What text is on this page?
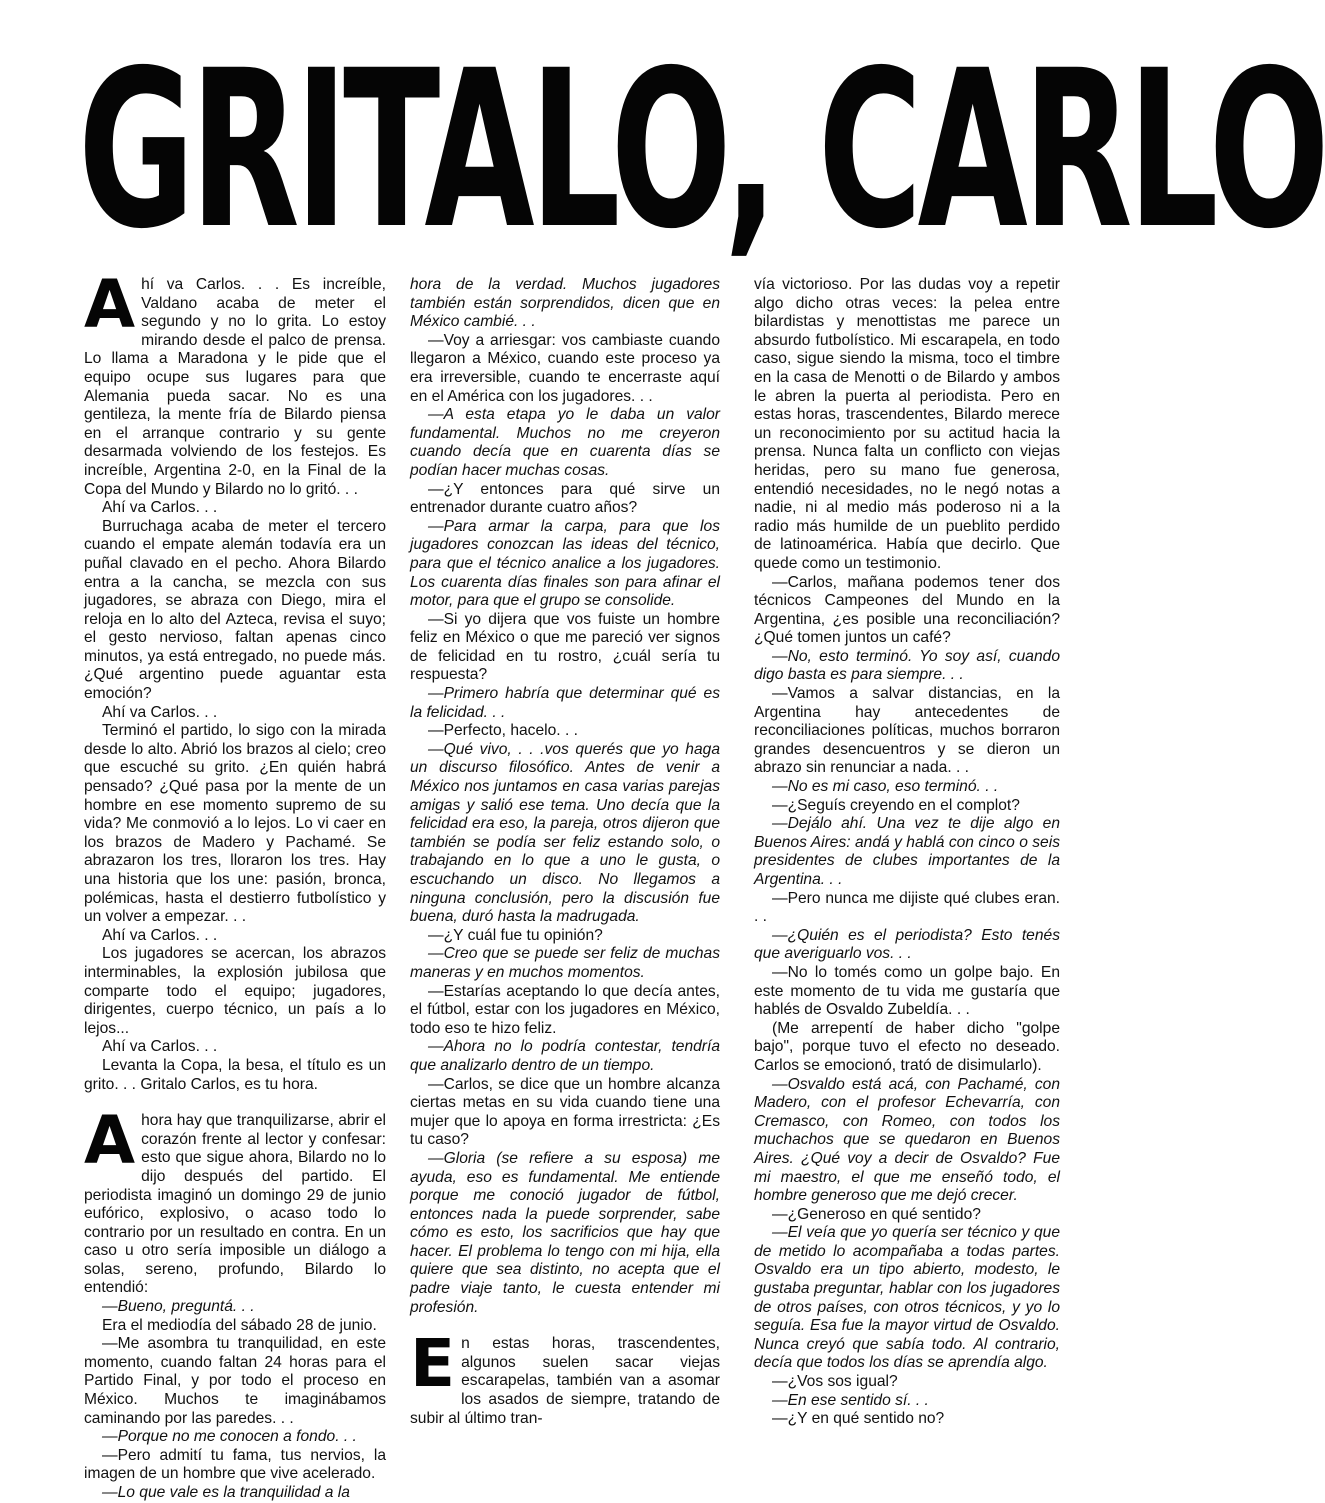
GRITALO, CARLO

Ahí va Carlos. . . Es increíble, Valdano acaba de meter el segundo y no lo grita. Lo estoy mirando desde el palco de prensa. Lo llama a Maradona y le pide que el equipo ocupe sus lugares para que Alemania pueda sacar. No es una gentileza, la mente fría de Bilardo piensa en el arranque contrario y su gente desarmada volviendo de los festejos. Es increíble, Argentina 2-0, en la Final de la Copa del Mundo y Bilardo no lo gritó. . .

Ahí va Carlos. . .

Burruchaga acaba de meter el tercero cuando el empate alemán todavía era un puñal clavado en el pecho. Ahora Bilardo entra a la cancha, se mezcla con sus jugadores, se abraza con Diego, mira el reloja en lo alto del Azteca, revisa el suyo; el gesto nervioso, faltan apenas cinco minutos, ya está entregado, no puede más. ¿Qué argentino puede aguantar esta emoción?

Ahí va Carlos. . .

Terminó el partido, lo sigo con la mirada desde lo alto. Abrió los brazos al cielo; creo que escuché su grito. ¿En quién habrá pensado? ¿Qué pasa por la mente de un hombre en ese momento supremo de su vida? Me conmovió a lo lejos. Lo vi caer en los brazos de Madero y Pachamé. Se abrazaron los tres, lloraron los tres. Hay una historia que los une: pasión, bronca, polémicas, hasta el destierro futbolístico y un volver a empezar. . .

Ahí va Carlos. . .

Los jugadores se acercan, los abrazos interminables, la explosión jubilosa que comparte todo el equipo; jugadores, dirigentes, cuerpo técnico, un país a lo lejos...

Ahí va Carlos. . .

Levanta la Copa, la besa, el título es un grito. . . Gritalo Carlos, es tu hora.

Ahora hay que tranquilizarse, abrir el corazón frente al lector y confesar: esto que sigue ahora, Bilardo no lo dijo después del partido. El periodista imaginó un domingo 29 de junio eufórico, explosivo, o acaso todo lo contrario por un resultado en contra. En un caso u otro sería imposible un diálogo a solas, sereno, profundo, Bilardo lo entendió:

—Bueno, preguntá. . .

Era el mediodía del sábado 28 de junio.

—Me asombra tu tranquilidad, en este momento, cuando faltan 24 horas para el Partido Final, y por todo el proceso en México. Muchos te imaginábamos caminando por las paredes. . .

—Porque no me conocen a fondo. . .

—Pero admití tu fama, tus nervios, la imagen de un hombre que vive acelerado.

—Lo que vale es la tranquilidad a la

hora de la verdad. Muchos jugadores también están sorprendidos, dicen que en México cambié. . .

—Voy a arriesgar: vos cambiaste cuando llegaron a México, cuando este proceso ya era irreversible, cuando te encerraste aquí en el América con los jugadores. . .

—A esta etapa yo le daba un valor fundamental. Muchos no me creyeron cuando decía que en cuarenta días se podían hacer muchas cosas.

—¿Y entonces para qué sirve un entrenador durante cuatro años?

—Para armar la carpa, para que los jugadores conozcan las ideas del técnico, para que el técnico analice a los jugadores. Los cuarenta días finales son para afinar el motor, para que el grupo se consolide.

—Si yo dijera que vos fuiste un hombre feliz en México o que me pareció ver signos de felicidad en tu rostro, ¿cuál sería tu respuesta?

—Primero habría que determinar qué es la felicidad. . .

—Perfecto, hacelo. . .

—Qué vivo, . . .vos querés que yo haga un discurso filosófico. Antes de venir a México nos juntamos en casa varias parejas amigas y salió ese tema. Uno decía que la felicidad era eso, la pareja, otros dijeron que también se podía ser feliz estando solo, o trabajando en lo que a uno le gusta, o escuchando un disco. No llegamos a ninguna conclusión, pero la discusión fue buena, duró hasta la madrugada.

—¿Y cuál fue tu opinión?

—Creo que se puede ser feliz de muchas maneras y en muchos momentos.

—Estarías aceptando lo que decía antes, el fútbol, estar con los jugadores en México, todo eso te hizo feliz.

—Ahora no lo podría contestar, tendría que analizarlo dentro de un tiempo.

—Carlos, se dice que un hombre alcanza ciertas metas en su vida cuando tiene una mujer que lo apoya en forma irrestricta: ¿Es tu caso?

—Gloria (se refiere a su esposa) me ayuda, eso es fundamental. Me entiende porque me conoció jugador de fútbol, entonces nada la puede sorprender, sabe cómo es esto, los sacrificios que hay que hacer. El problema lo tengo con mi hija, ella quiere que sea distinto, no acepta que el padre viaje tanto, le cuesta entender mi profesión.

En estas horas, trascendentes, algunos suelen sacar viejas escarapelas, también van a asomar los asados de siempre, tratando de subir al último tran-

vía victorioso. Por las dudas voy a repetir algo dicho otras veces: la pelea entre bilardistas y menottistas me parece un absurdo futbolístico. Mi escarapela, en todo caso, sigue siendo la misma, toco el timbre en la casa de Menotti o de Bilardo y ambos le abren la puerta al periodista. Pero en estas horas, trascendentes, Bilardo merece un reconocimiento por su actitud hacia la prensa. Nunca falta un conflicto con viejas heridas, pero su mano fue generosa, entendió necesidades, no le negó notas a nadie, ni al medio más poderoso ni a la radio más humilde de un pueblito perdido de latinoamérica. Había que decirlo. Que quede como un testimonio.

—Carlos, mañana podemos tener dos técnicos Campeones del Mundo en la Argentina, ¿es posible una reconciliación? ¿Qué tomen juntos un café?

—No, esto terminó. Yo soy así, cuando digo basta es para siempre. . .

—Vamos a salvar distancias, en la Argentina hay antecedentes de reconciliaciones políticas, muchos borraron grandes desencuentros y se dieron un abrazo sin renunciar a nada. . .

—No es mi caso, eso terminó. . .

—¿Seguís creyendo en el complot?

—Dejálo ahí. Una vez te dije algo en Buenos Aires: andá y hablá con cinco o seis presidentes de clubes importantes de la Argentina. . .

—Pero nunca me dijiste qué clubes eran. . .

—¿Quién es el periodista? Esto tenés que averiguarlo vos. . .

—No lo tomés como un golpe bajo. En este momento de tu vida me gustaría que hablés de Osvaldo Zubeldía. . .

(Me arrepentí de haber dicho "golpe bajo", porque tuvo el efecto no deseado. Carlos se emocionó, trató de disimularlo).

—Osvaldo está acá, con Pachamé, con Madero, con el profesor Echevarría, con Cremasco, con Romeo, con todos los muchachos que se quedaron en Buenos Aires. ¿Qué voy a decir de Osvaldo? Fue mi maestro, el que me enseñó todo, el hombre generoso que me dejó crecer.

—¿Generoso en qué sentido?

—El veía que yo quería ser técnico y que de metido lo acompañaba a todas partes. Osvaldo era un tipo abierto, modesto, le gustaba preguntar, hablar con los jugadores de otros países, con otros técnicos, y yo lo seguía. Esa fue la mayor virtud de Osvaldo. Nunca creyó que sabía todo. Al contrario, decía que todos los días se aprendía algo.

—¿Vos sos igual?

—En ese sentido sí. . .

—¿Y en qué sentido no?
